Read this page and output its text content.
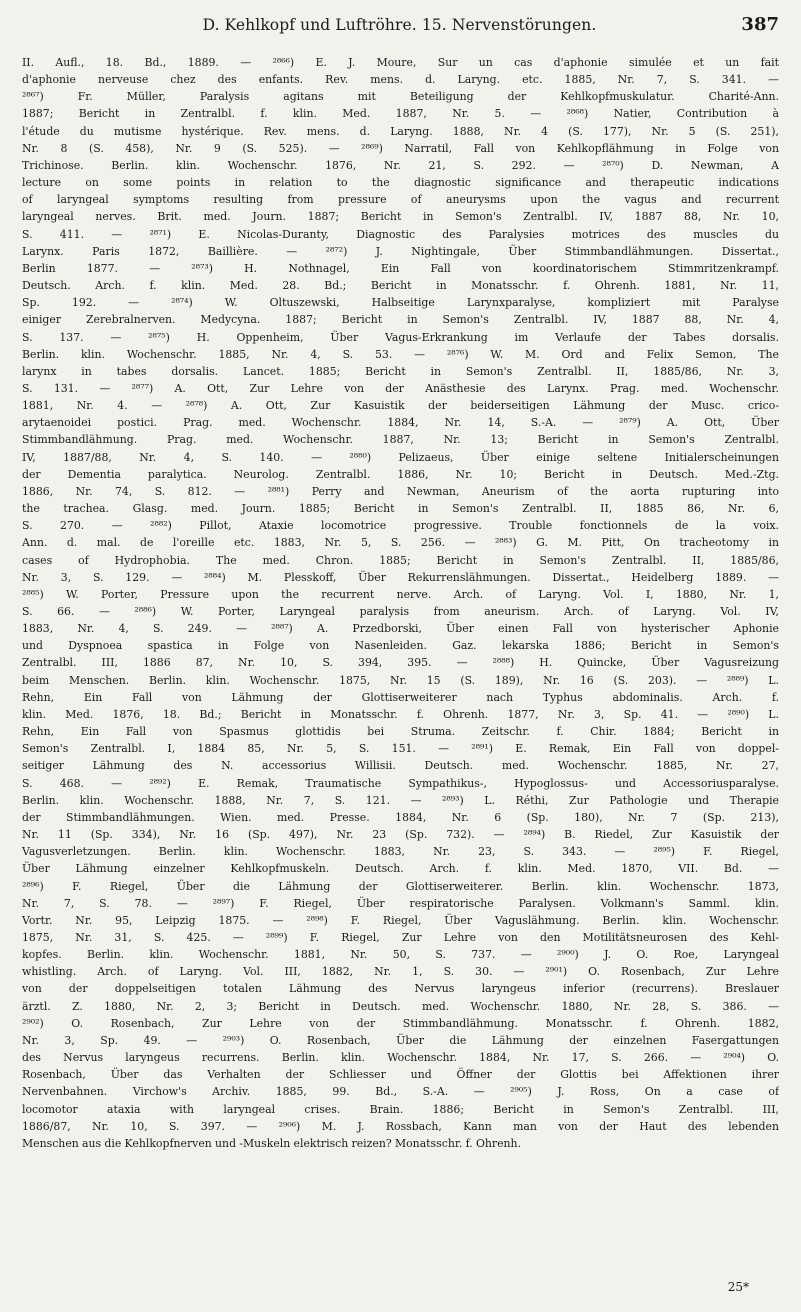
D. Kehlkopf und Luftröhre. 15. Nervenstörungen.	387
II. Aufl., 18. Bd., 1889. — ²⁸⁶⁶) E. J. Moure, Sur un cas d'aphonie simulée et un fait
d'aphonie nerveuse chez des enfants. Rev. mens. d. Laryng. etc. 1885, Nr. 7, S. 341. —
²⁸⁶⁷) Fr. Müller, Paralysis agitans mit Beteiligung der Kehlkopfmuskulatur. Charité-Ann.
1887; Bericht in Zentralbl. f. klin. Med. 1887, Nr. 5. — ²⁸⁶⁸) Natier, Contribution à
l'étude du mutisme hystérique. Rev. mens. d. Laryng. 1888, Nr. 4 (S. 177), Nr. 5 (S. 251),
Nr. 8 (S. 458), Nr. 9 (S. 525). — ²⁸⁶⁹) Narratil, Fall von Kehlkopflähmung in Folge von
Trichinose. Berlin. klin. Wochenschr. 1876, Nr. 21, S. 292. — ²⁸⁷⁰) D. Newman, A
lecture on some points in relation to the diagnostic significance and therapeutic indications
of laryngeal symptoms resulting from pressure of aneurysms upon the vagus and recurrent
laryngeal nerves. Brit. med. Journ. 1887; Bericht in Semon's Zentralbl. IV, 1887 88, Nr. 10,
S. 411. — ²⁸⁷¹) E. Nicolas-Duranty, Diagnostic des Paralysies motrices des muscles du
Larynx. Paris 1872, Baillière. — ²⁸⁷²) J. Nightingale, Über Stimmbandlähmungen. Dissertat.,
Berlin 1877. — ²⁸⁷³) H. Nothnagel, Ein Fall von koordinatorischem Stimmritzenkrampf.
Deutsch. Arch. f. klin. Med. 28. Bd.; Bericht in Monatsschr. f. Ohrenh. 1881, Nr. 11,
Sp. 192. — ²⁸⁷⁴) W. Oltuszewski, Halbseitige Larynxparalyse, kompliziert mit Paralyse
einiger Zerebralnerven. Medycyna. 1887; Bericht in Semon's Zentralbl. IV, 1887 88, Nr. 4,
S. 137. — ²⁸⁷⁵) H. Oppenheim, Über Vagus-Erkrankung im Verlaufe der Tabes dorsalis.
Berlin. klin. Wochenschr. 1885, Nr. 4, S. 53. — ²⁸⁷⁶) W. M. Ord and Felix Semon, The
larynx in tabes dorsalis. Lancet. 1885; Bericht in Semon's Zentralbl. II, 1885/86, Nr. 3,
S. 131. — ²⁸⁷⁷) A. Ott, Zur Lehre von der Anästhesie des Larynx. Prag. med. Wochenschr.
1881, Nr. 4. — ²⁸⁷⁸) A. Ott, Zur Kasuistik der beiderseitigen Lähmung der Musc. crico-
arytaenoidei postici. Prag. med. Wochenschr. 1884, Nr. 14, S.-A. — ²⁸⁷⁹) A. Ott, Über
Stimmbandlähmung. Prag. med. Wochenschr. 1887, Nr. 13; Bericht in Semon's Zentralbl.
IV, 1887/88, Nr. 4, S. 140. — ²⁸⁸⁰) Pelizaeus, Über einige seltene Initialerscheinungen
der Dementia paralytica. Neurolog. Zentralbl. 1886, Nr. 10; Bericht in Deutsch. Med.-Ztg.
1886, Nr. 74, S. 812. — ²⁸⁸¹) Perry and Newman, Aneurism of the aorta rupturing into
the trachea. Glasg. med. Journ. 1885; Bericht in Semon's Zentralbl. II, 1885 86, Nr. 6,
S. 270. — ²⁸⁸²) Pillot, Ataxie locomotrice progressive. Trouble fonctionnels de la voix.
Ann. d. mal. de l'oreille etc. 1883, Nr. 5, S. 256. — ²⁸⁸³) G. M. Pitt, On tracheotomy in
cases of Hydrophobia. The med. Chron. 1885; Bericht in Semon's Zentralbl. II, 1885/86,
Nr. 3, S. 129. — ²⁸⁸⁴) M. Plesskoff, Über Rekurrenslähmungen. Dissertat., Heidelberg 1889. —
²⁸⁸⁵) W. Porter, Pressure upon the recurrent nerve. Arch. of Laryng. Vol. I, 1880, Nr. 1,
S. 66. — ²⁸⁸⁶) W. Porter, Laryngeal paralysis from aneurism. Arch. of Laryng. Vol. IV,
1883, Nr. 4, S. 249. — ²⁸⁸⁷) A. Przedborski, Über einen Fall von hysterischer Aphonie
und Dyspnoea spastica in Folge von Nasenleiden. Gaz. lekarska 1886; Bericht in Semon's
Zentralbl. III, 1886 87, Nr. 10, S. 394, 395. — ²⁸⁸⁸) H. Quincke, Über Vagusreizung
beim Menschen. Berlin. klin. Wochenschr. 1875, Nr. 15 (S. 189), Nr. 16 (S. 203). — ²⁸⁸⁹) L.
Rehn, Ein Fall von Lähmung der Glottiserweiterer nach Typhus abdominalis. Arch. f.
klin. Med. 1876, 18. Bd.; Bericht in Monatsschr. f. Ohrenh. 1877, Nr. 3, Sp. 41. — ²⁸⁹⁰) L.
Rehn, Ein Fall von Spasmus glottidis bei Struma. Zeitschr. f. Chir. 1884; Bericht in
Semon's Zentralbl. I, 1884 85, Nr. 5, S. 151. — ²⁸⁹¹) E. Remak, Ein Fall von doppel-
seitiger Lähmung des N. accessorius Willisii. Deutsch. med. Wochenschr. 1885, Nr. 27,
S. 468. — ²⁸⁹²) E. Remak, Traumatische Sympathikus-, Hypoglossus- und Accessoriusparalyse.
Berlin. klin. Wochenschr. 1888, Nr. 7, S. 121. — ²⁸⁹³) L. Réthi, Zur Pathologie und Therapie
der Stimmbandlähmungen. Wien. med. Presse. 1884, Nr. 6 (Sp. 180), Nr. 7 (Sp. 213),
Nr. 11 (Sp. 334), Nr. 16 (Sp. 497), Nr. 23 (Sp. 732). — ²⁸⁹⁴) B. Riedel, Zur Kasuistik der
Vagusverletzungen. Berlin. klin. Wochenschr. 1883, Nr. 23, S. 343. — ²⁸⁹⁵) F. Riegel,
Über Lähmung einzelner Kehlkopfmuskeln. Deutsch. Arch. f. klin. Med. 1870, VII. Bd. —
²⁸⁹⁶) F. Riegel, Über die Lähmung der Glottiserweiterer. Berlin. klin. Wochenschr. 1873,
Nr. 7, S. 78. — ²⁸⁹⁷) F. Riegel, Über respiratorische Paralysen. Volkmann's Samml. klin.
Vortr. Nr. 95, Leipzig 1875. — ²⁸⁹⁸) F. Riegel, Über Vaguslähmung. Berlin. klin. Wochenschr.
1875, Nr. 31, S. 425. — ²⁸⁹⁹) F. Riegel, Zur Lehre von den Motilitätsneurosen des Kehl-
kopfes. Berlin. klin. Wochenschr. 1881, Nr. 50, S. 737. — ²⁹⁰⁰) J. O. Roe, Laryngeal
whistling. Arch. of Laryng. Vol. III, 1882, Nr. 1, S. 30. — ²⁹⁰¹) O. Rosenbach, Zur Lehre
von der doppelseitigen totalen Lähmung des Nervus laryngeus inferior (recurrens). Breslauer
ärztl. Z. 1880, Nr. 2, 3; Bericht in Deutsch. med. Wochenschr. 1880, Nr. 28, S. 386. —
²⁹⁰²) O. Rosenbach, Zur Lehre von der Stimmbandlähmung. Monatsschr. f. Ohrenh. 1882,
Nr. 3, Sp. 49. — ²⁹⁰³) O. Rosenbach, Über die Lähmung der einzelnen Fasergattungen
des Nervus laryngeus recurrens. Berlin. klin. Wochenschr. 1884, Nr. 17, S. 266. — ²⁹⁰⁴) O.
Rosenbach, Über das Verhalten der Schliesser und Öffner der Glottis bei Affektionen ihrer
Nervenbahnen. Virchow's Archiv. 1885, 99. Bd., S.-A. — ²⁹⁰⁵) J. Ross, On a case of
locomotor ataxia with laryngeal crises. Brain. 1886; Bericht in Semon's Zentralbl. III,
1886/87, Nr. 10, S. 397. — ²⁹⁰⁶) M. J. Rossbach, Kann man von der Haut des lebenden
Menschen aus die Kehlkopfnerven und -Muskeln elektrisch reizen? Monatsschr. f. Ohrenh.
25*
